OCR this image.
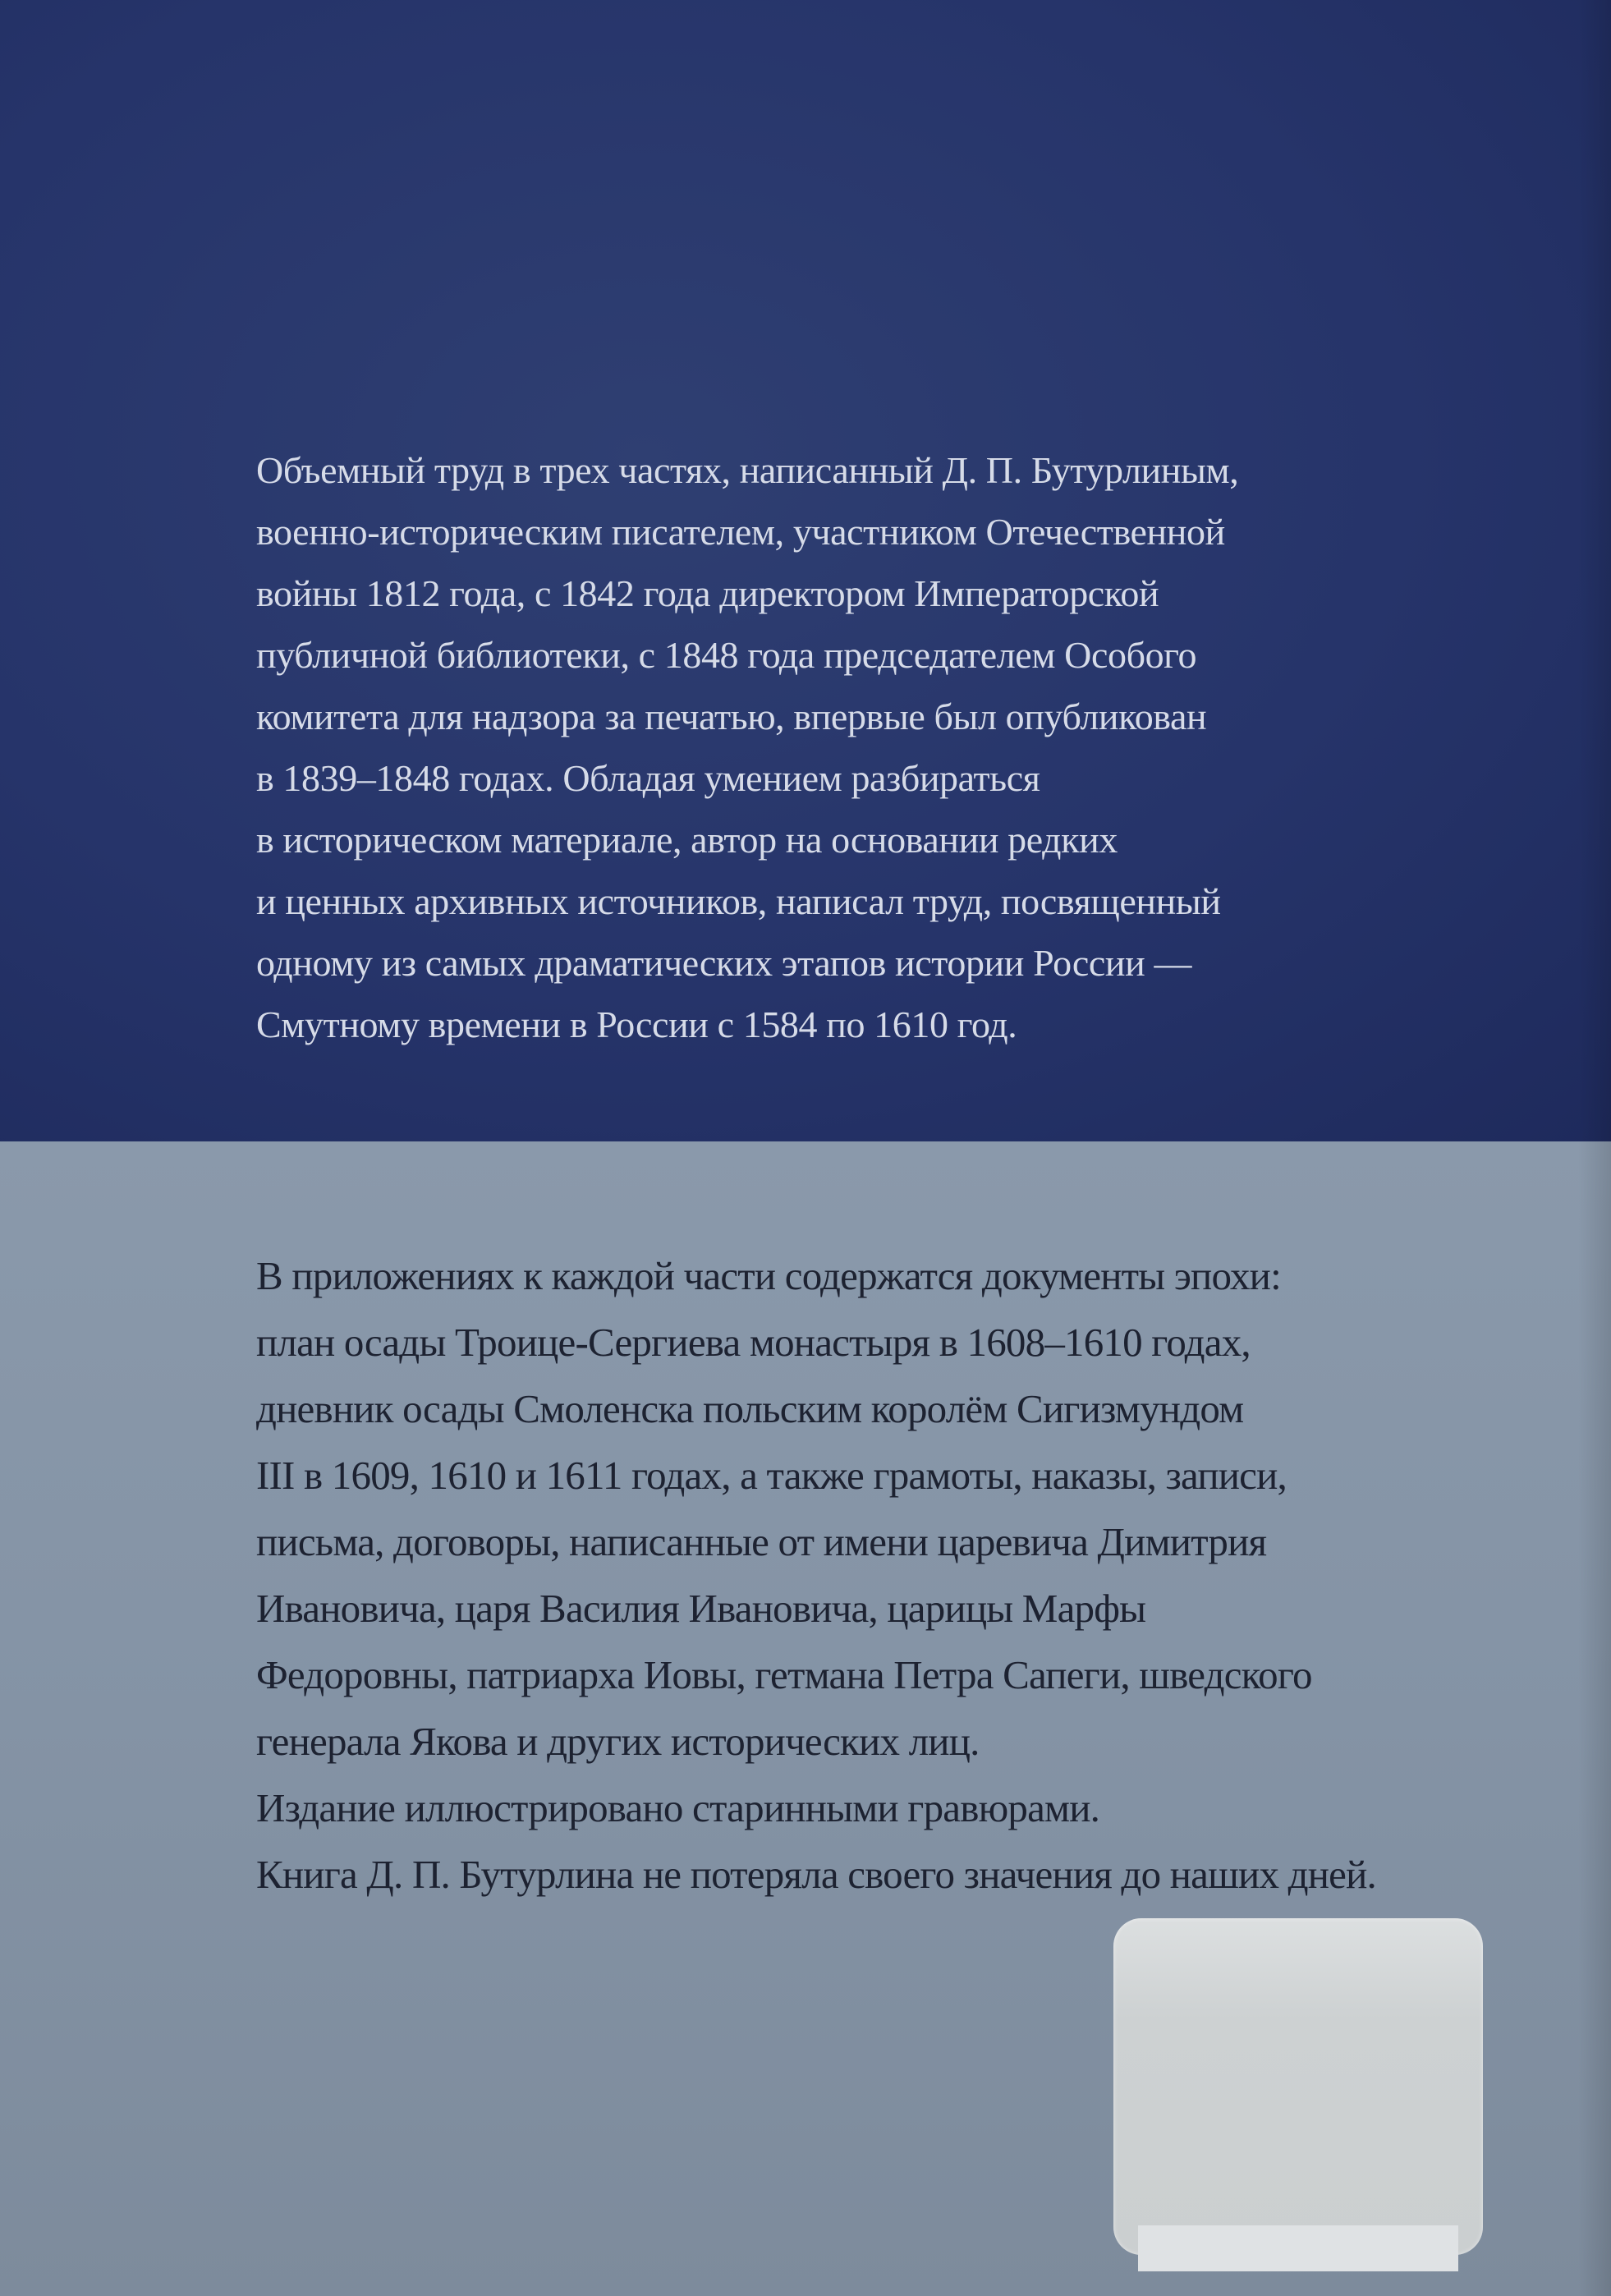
Объемный труд в трех частях, написанный Д. П. Бутурлиным,
военно-историческим писателем, участником Отечественной
войны 1812 года, с 1842 года директором Императорской
публичной библиотеки, с 1848 года председателем Особого
комитета для надзора за печатью, впервые был опубликован
в 1839–1848 годах. Обладая умением разбираться
в историческом материале, автор на основании редких
и ценных архивных источников, написал труд, посвященный
одному из самых драматических этапов истории России —
Смутному времени в России с 1584 по 1610 год.
В приложениях к каждой части содержатся документы эпохи:
план осады Троице-Сергиева монастыря в 1608–1610 годах,
дневник осады Смоленска польским королём Сигизмундом
III в 1609, 1610 и 1611 годах, а также грамоты, наказы, записи,
письма, договоры, написанные от имени царевича Димитрия
Ивановича, царя Василия Ивановича, царицы Марфы
Федоровны, патриарха Иовы, гетмана Петра Сапеги, шведского
генерала Якова и других исторических лиц.
Издание иллюстрировано старинными гравюрами.
Книга Д. П. Бутурлина не потеряла своего значения до наших дней.
